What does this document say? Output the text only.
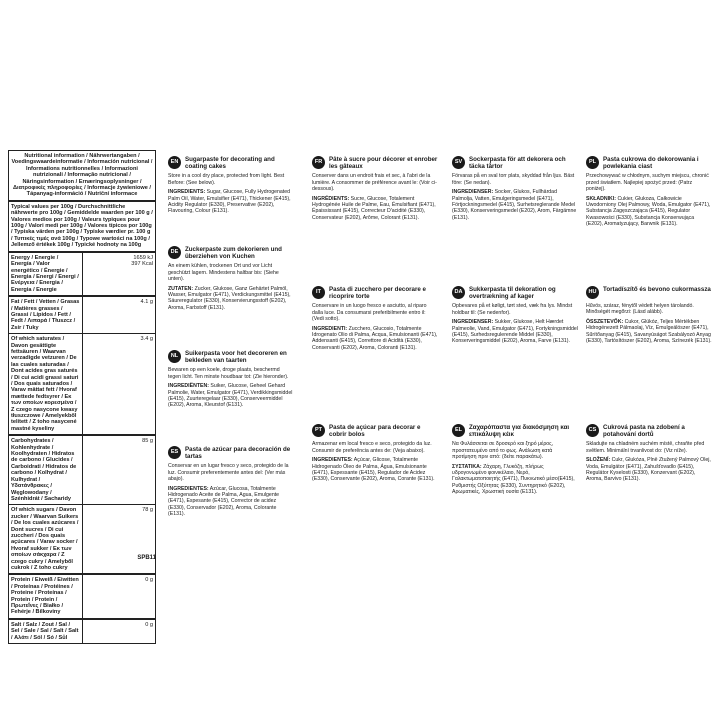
Nutritional information / Nährwertangaben / Voedingswaardeinformatie / Información nutricional / Informations nutritionnelles / Informazioni nutrizionali / Informação nutricional / Näringsinformation / Ernæringsoplysninger / Διατροφικές πληροφορίες / Informacje żywieniowe / Tápanyag-információ / Nutriční informace	
Typical values per 100g / Durchschnittliche nährwerte pro 100g / Gemiddelde waarden per 100 g / Valores medios por 100g / Valeurs typiques pour 100g / Valori medi per 100g / Valores típicos por 100g / Typiska värden per 100g / Typiske værdier pr. 100 g / Τυπικές τιμές ανά 100g / Typowe wartości na 100g / Jellemző értékek 100g / Typické hodnoty na 100g	
Energy / Energie / Energía / Valor energético / Énergie / Energia / Energi / Energi / Ενέργεια / Energia / Energia / Energie	1659 kJ
397 Kcal
Fat / Fett / Vetten / Grasas / Matières grasses / Grassi / Lípidos / Fett / Fedt / Λιπαρά / Tłuszcz / Zsír / Tuky	4.1 g
Of which saturates / Davon gesättigte fettsäuren / Waarvan verzadigde vetzuren / De las cuales saturadas / Dont acides gras saturés / Di cui acidi grassi saturi / Dos quais saturados / Varav mättat fett / Hvoraf mættede fedtsyrer / Εκ των οποίων κορεσμένα / Z czego nasycone kwasy tłuszczowe / Amelyekből telített / Z toho nasycené mastné kyseliny	3.4 g
Carbohydrates / Kohlenhydrate / Koolhydraten / Hidratos de carbono / Glucides / Carboidrati / Hidratos de carbono / Kolhydrat / Kulhydrat / Υδατάνθρακες / Węglowodany / Szénhidrát / Sacharidy	85 g
Of which sugars / Davon zucker / Waarvan Suikers / De los cuales azúcares / Dont sucres / Di cui zuccheri / Dos quais açúcares / Varav socker / Hvoraf sukker / Εκ των οποίων σάκχαρα / Z czego cukry / Amelyből cukrok / Z toho cukry	78 g
Protein / Eiweiß / Eiwitten / Proteínas / Protéines / Proteine / Proteínas / Protein / Protein / Πρωτεΐνες / Białko / Fehérje / Bílkoviny	0 g
Salt / Salz / Zout / Sal / Sel / Sale / Sal / Salt / Salt / Αλάτι / Sól / Só / Sůl	0 g
SPB11
EN	Sugarpaste for decorating and coating cakes
Store in a cool dry place, protected from light. Best Before: (See below).
INGREDIENTS: Sugar, Glucose, Fully Hydrogenated Palm Oil, Water, Emulsifier (E471), Thickener (E415), Acidity Regulator (E330), Preservative (E202), Flavouring, Colour (E131).
DE	Zuckerpaste zum dekorieren und überziehen von Kuchen
An einem kühlen, trockenen Ort und vor Licht geschützt lagern. Mindestens haltbar bis: (Siehe unten).
ZUTATEN: Zucker, Glukose, Ganz Gehärtet Palmöl, Wasser, Emulgator (E471), Verdickungsmittel (E415), Säureregulator (E330), Konservierungsstoff (E202), Aroma, Farbstoff (E131).
NL	Suikerpasta voor het decoreren en bekleden van taarten
Bewaren op een koele, droge plaats, beschermd tegen licht. Ten minste houdbaar tot: (Zie hieronder).
INGREDIËNTEN: Suiker, Glucose, Geheel Gehard Palmolie, Water, Emulgator (E471), Verdikkingsmiddel (E415), Zuurteregelaar (E330), Conserveermiddel (E202), Aroma, Kleurstof (E131).
ES	Pasta de azúcar para decoración de tartas
Conservar en un lugar fresco y seco, protegido de la luz. Consumir preferentemente antes del: (Ver más abajo).
INGREDIENTES: Azúcar, Glucosa, Totalmente Hidrogenado Aceite de Palma, Agua, Emulgente (E471), Espesante (E415), Corrector de acidez (E330), Conservador (E202), Aroma, Colorante (E131).
FR	Pâte à sucre pour décorer et enrober les gâteaux
Conserver dans un endroit frais et sec, à l'abri de la lumière. A consommer de préférence avant le: (Voir ci-dessous).
INGRÉDIENTS: Sucre, Glucose, Totalement Hydrogénée Huile de Palme, Eau, Émulsifiant (E471), Épaississant (E415), Correcteur D'acidité (E330), Conservateur (E202), Arôme, Colorant (E131).
IT	Pasta di zucchero per decorare e ricoprire torte
Conservare in un luogo fresco e asciutto, al riparo dalla luce. Da consumarsi preferibilmente entro il: (Vedi sotto).
INGREDIENTI: Zucchero, Glucosio, Totalmente Idrogenato Olio di Palma, Acqua, Emulsionanti (E471), Addensanti (E415), Correttore di Acidità (E330), Conservanti (E202), Aroma, Coloranti (E131).
PT	Pasta de açúcar para decorar e cobrir bolos
Armazenar em local fresco e seco, protegido da luz. Consumir de preferência antes de: (Veja abaixo).
INGREDIENTES: Açúcar, Glicose, Totalmente Hidrogenado Óleo de Palma, Água, Emulsionante (E471), Espessante (E415), Regulador de Acidez (E330), Conservante (E202), Aroma, Corante (E131).
SV	Sockerpasta för att dekorera och täcka tårtor
Förvaras på en sval torr plats, skyddad från ljus. Bäst före: (Se nedan).
INGREDIENSER: Socker, Glukos, Fullhärdad Palmolja, Vatten, Emulgeringsmedel (E471), Förtjockningsmedel (E415), Surhetsreglerande Medel (E330), Konserveringsmedel (E202), Arom, Färgämne (E131).
DA	Sukkerpasta til dekoration og overtrækning af kager
Opbevares på et køligt, tørt sted, væk fra lys. Mindst holdbar til: (Se nedenfor).
INGREDIENSER: Sukker, Glukose, Helt Hærdet Palmeolie, Vand, Emulgator (E471), Fortykningsmiddel (E415), Surhedsregulerende Middel (E330), Konserveringsmiddel (E202), Aroma, Farve (E131).
EL	Ζαχαρόπαστα για διακόσμηση και επικάλυψη κέικ
Να Φυλάσσεται σε δροσερό και ξηρό μέρος, προστατευμένο από το φως. Ανάλωση κατά προτίμηση πριν από: (δείτε παρακάτω).
ΣΥΣΤΑΤΙΚΑ: Ζάχαρη, Γλυκόζη, πλήρως υδρογονωμένο φοινικέλαιο, Νερό, Γαλακτωματοποιητής (E471), Πυκνωτικό μέσο(E415), Ρυθμιστής Οξύτητας (E330), Συντηρητικό (E202), Αρωματικές, Χρωστική ουσία (E131).
PL	Pasta cukrowa do dekorowania i powlekania ciast
Przechowywać w chłodnym, suchym miejscu, chronić przed światłem. Najlepiej spożyć przed: (Patrz poniżej).
SKŁADNIKI: Cukier, Glukoza, Całkowicie Uwodorniony Olej Palmowy, Woda, Emulgator (E471), Substancja Zagęszczająca (E415), Regulator Kwasowości (E330), Substancja Konserwująca (E202), Aromatyzujący, Barwnik (E131).
HU	Tortadíszítő és bevono cukormassza
Hűvös, száraz, fénytől védett helyen tárolandó. Minőségét megőrzi: (Lásd alább).
ÖSSZETEVŐK: Cukor, Glükóz, Teljes Mértékben Hidrogénezett Pálmaolaj, Víz, Emulgeálószer (E471), Sűrítőanyag (E415), Savanyúságot Szabályozó Anyag (E330), Tartósítószer (E202), Aroma, Színezék (E131).
CS	Cukrová pasta na zdobení a potahování dortů
Skladujte na chladném suchém místě, chraňte před světlem. Minimální trvanlivost do: (Viz níže).
SLOŽENÍ: Cukr, Glukóza, Plně Ztužený Palmový Olej, Voda, Emulgátor (E471), Zahušťovadlo (E415), Regulátor Kyselosti (E330), Konzervant (E202), Aroma, Barvivo (E131).
